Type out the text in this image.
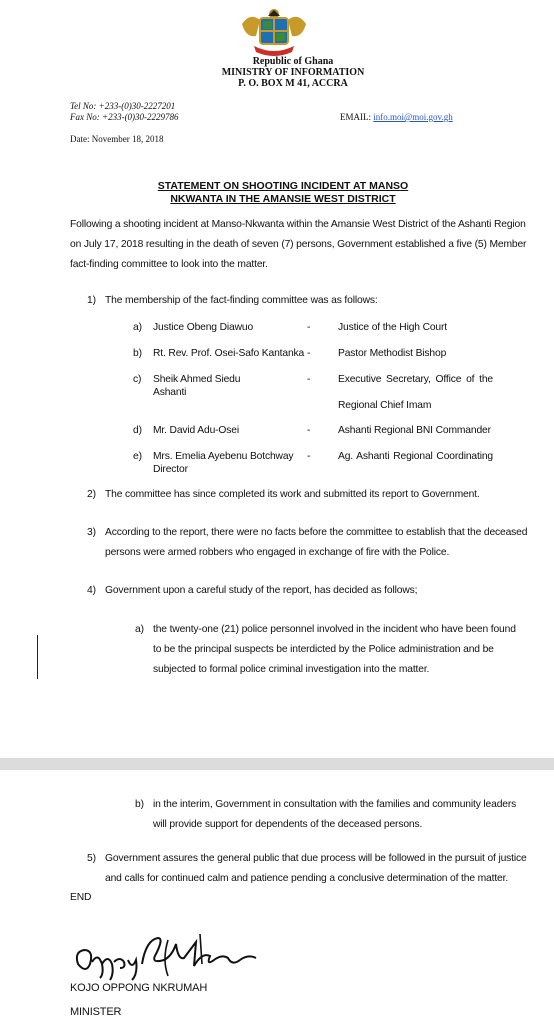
Republic of Ghana
MINISTRY OF INFORMATION
P. O. BOX M 41, ACCRA
Tel No: +233-(0)30-2227201
Fax No: +233-(0)30-2229786	EMAIL: info.moi@moi.gov.gh
Date: November 18, 2018
STATEMENT ON SHOOTING INCIDENT AT MANSO
NKWANTA IN THE AMANSIE WEST DISTRICT
Following a shooting incident at Manso-Nkwanta within the Amansie West District of the Ashanti Region
on July 17, 2018 resulting in the death of seven (7) persons, Government established a five (5) Member
fact-finding committee to look into the matter.
1) The membership of the fact-finding committee was as follows:
a) Justice Obeng Diawuo	-	Justice of the High Court
b) Rt. Rev. Prof. Osei-Safo Kantanka -	Pastor Methodist Bishop
c) Sheik Ahmed Siedu
Ashanti
-	Executive Secretary, Office of the
Regional Chief Imam
d) Mr. David Adu-Osei	-	Ashanti Regional BNI Commander
e) Mrs. Emelia Ayebenu Botchway
Director
-	Ag. Ashanti Regional Coordinating
2) The committee has since completed its work and submitted its report to Government.
3) According to the report, there were no facts before the committee to establish that the deceased
persons were armed robbers who engaged in exchange of fire with the Police.
4) Government upon a careful study of the report, has decided as follows;
a) the twenty-one (21) police personnel involved in the incident who have been found
to be the principal suspects be interdicted by the Police administration and be
subjected to formal police criminal investigation into the matter.
b) in the interim, Government in consultation with the families and community leaders
will provide support for dependents of the deceased persons.
5) Government assures the general public that due process will be followed in the pursuit of justice
and calls for continued calm and patience pending a conclusive determination of the matter.
END
KOJO OPPONG NKRUMAH
MINISTER
